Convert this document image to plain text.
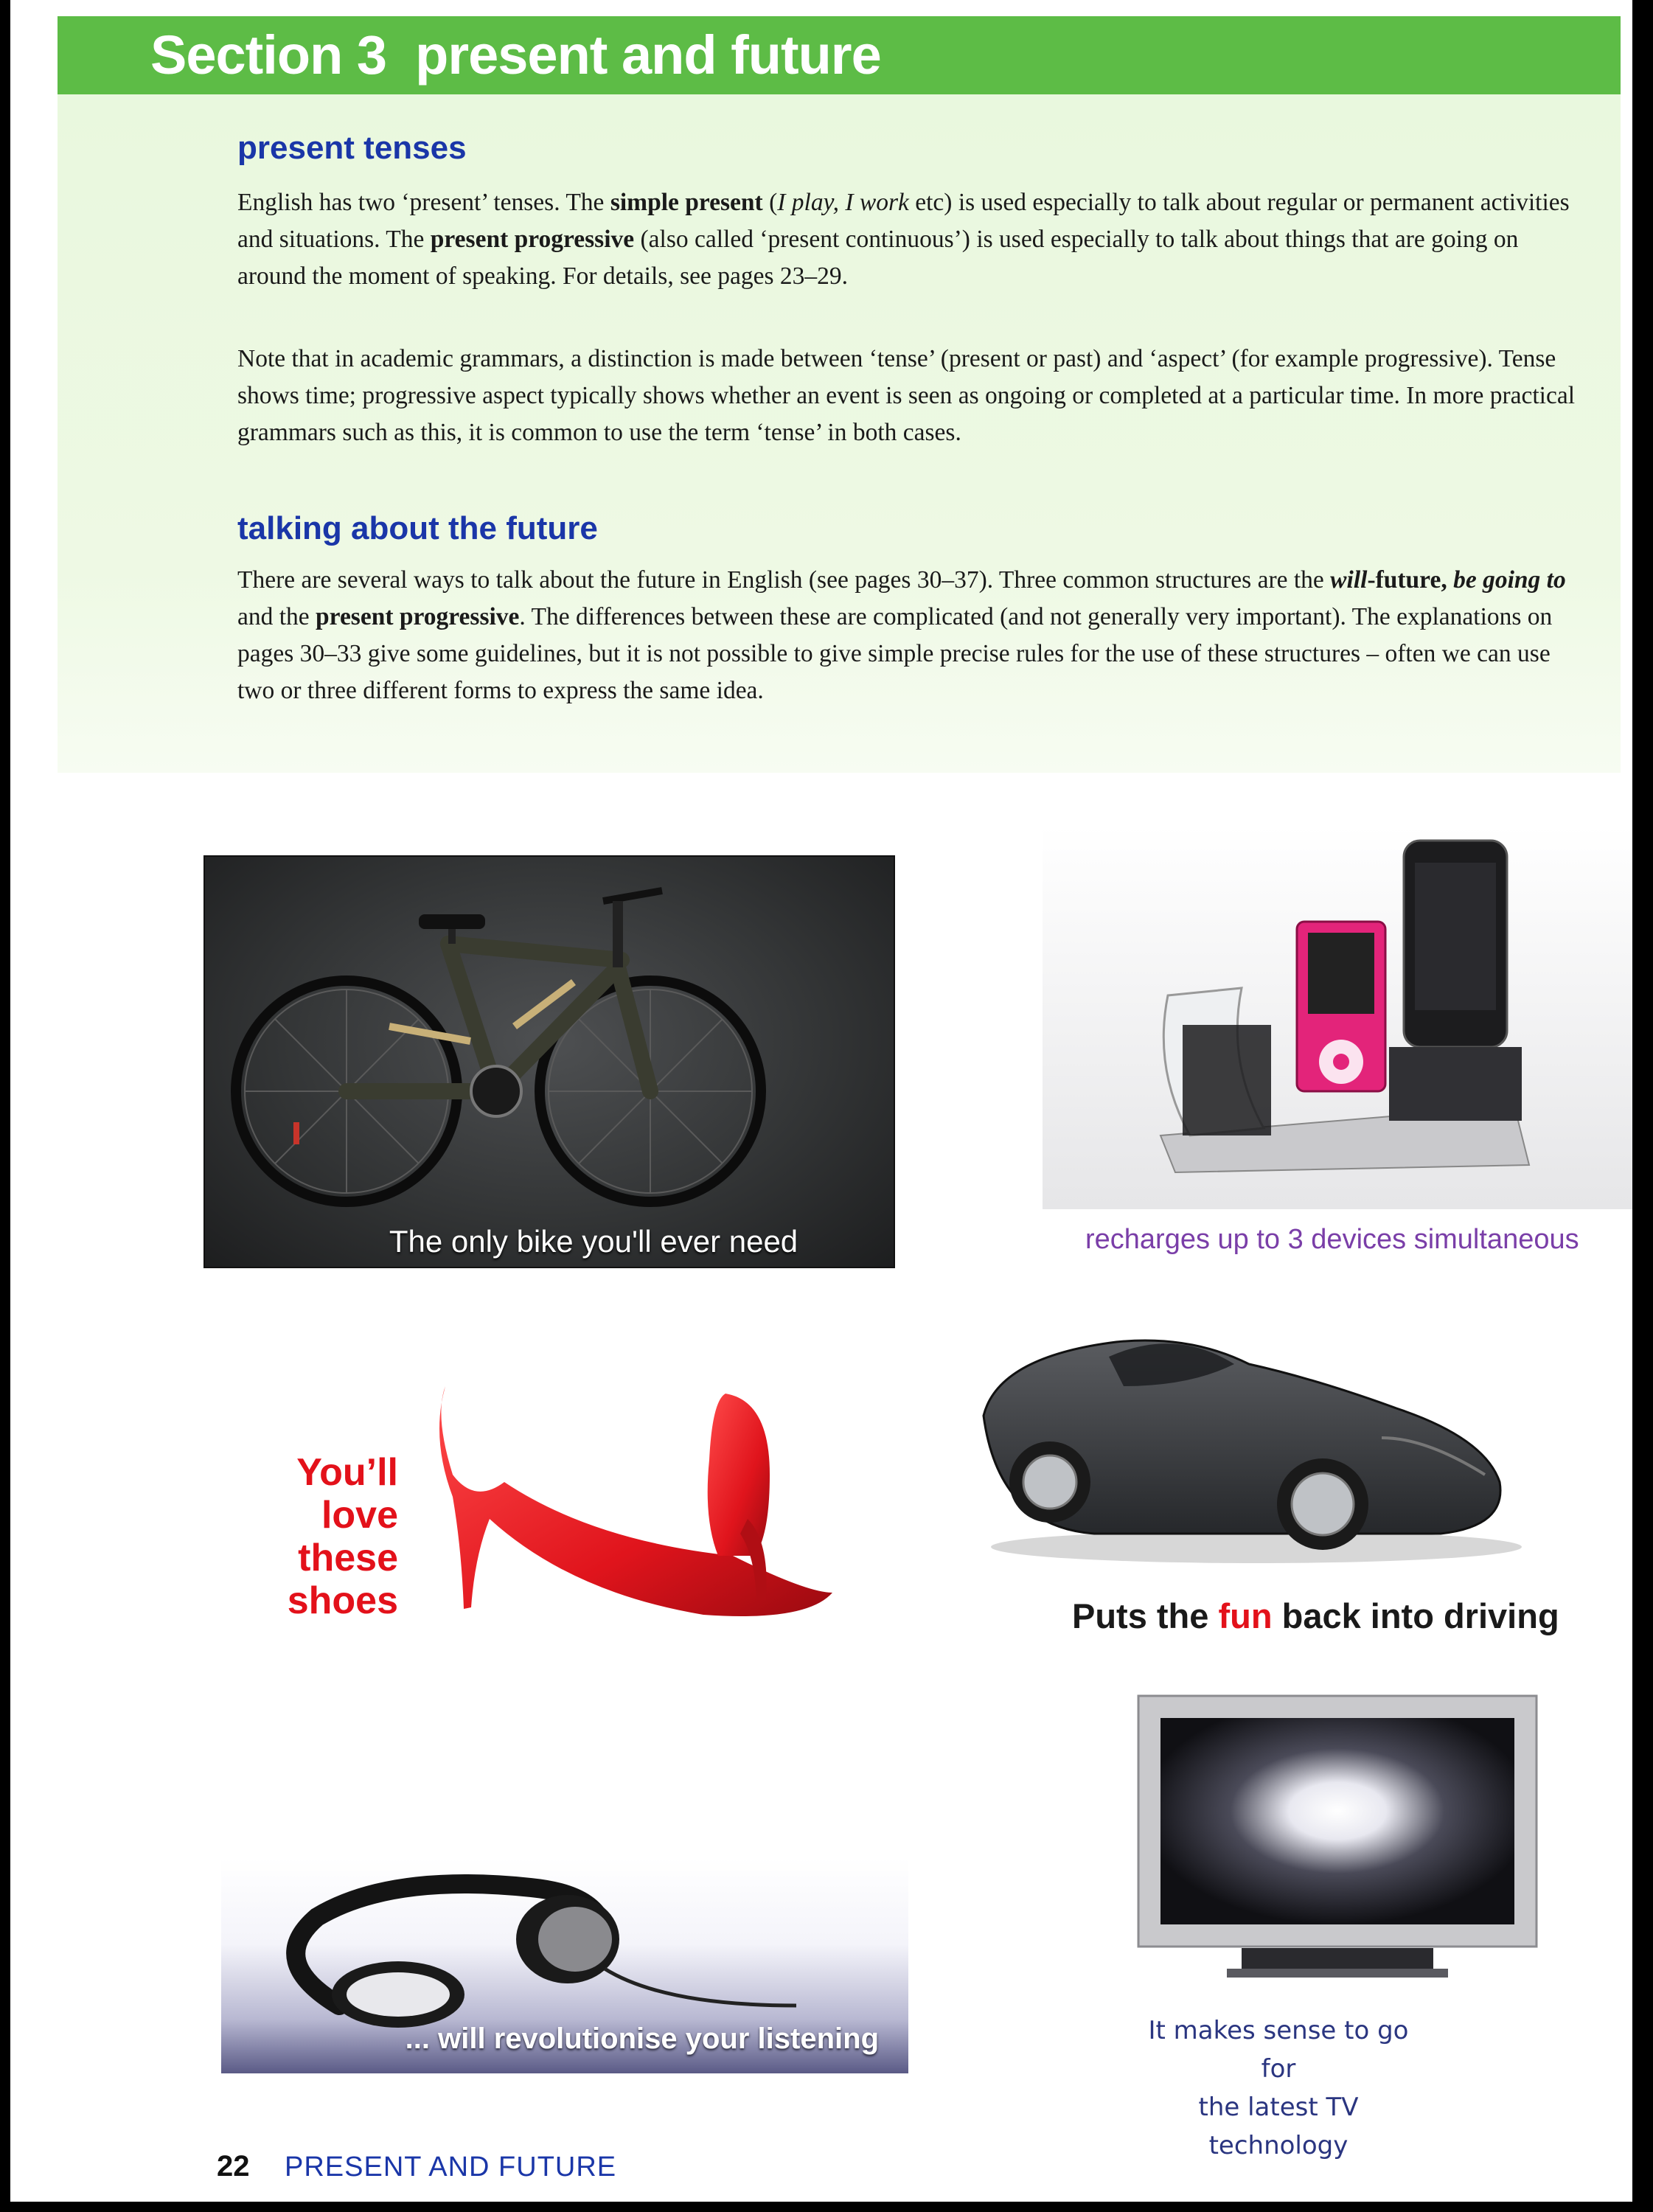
Section 3 present and future
present tenses

English has two ‘present’ tenses. The simple present (I play, I work etc) is used especially to talk about regular or permanent activities and situations. The present progressive (also called ‘present continuous’) is used especially to talk about things that are going on around the moment of speaking. For details, see pages 23–29.

Note that in academic grammars, a distinction is made between ‘tense’ (present or past) and ‘aspect’ (for example progressive). Tense shows time; progressive aspect typically shows whether an event is seen as ongoing or completed at a particular time. In more practical grammars such as this, it is common to use the term ‘tense’ in both cases.

talking about the future

There are several ways to talk about the future in English (see pages 30–37). Three common structures are the will-future, be going to and the present progressive. The differences between these are complicated (and not generally very important). The explanations on pages 30–33 give some guidelines, but it is not possible to give simple precise rules for the use of these structures – often we can use two or three different forms to express the same idea.

The only bike you'll ever need	recharges up to 3 devices simultaneous
You’ll
love
these
shoes	Puts the fun back into driving
It makes sense to go for
the latest TV technology
... will revolutionise your listening
22 PRESENT AND FUTURE
